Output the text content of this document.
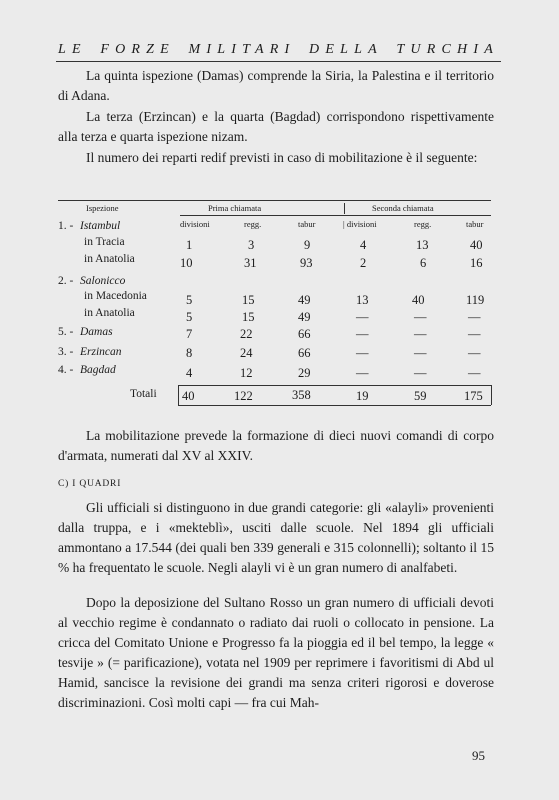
LE FORZE MILITARI DELLA TURCHIA

La quinta ispezione (Damas) comprende la Siria, la Palestina e il territorio di Adana.

La terza (Erzincan) e la quarta (Bagdad) corrispondono rispettivamente alla terza e quarta ispezione nizam.

Il numero dei reparti redif previsti in caso di mobilitazione è il seguente:

Ispezione	Prima chiamata	Seconda chiamata
divisioni	regg.	tabur	| divisioni	regg.	tabur
1. - Istambul
in Tracia	1	3	9	4	13	40
in Anatolia	10	31	93	2	6	16
2. - Salonicco
in Macedonia	5	15	49	13	40	119
in Anatolia	5	15	49	—	—	—
5. - Damas	7	22	66	—	—	—
3. - Erzincan	8	24	66	—	—	—
4. - Bagdad	4	12	29	—	—	—
Totali 40	122	358	19	59	175

La mobilitazione prevede la formazione di dieci nuovi comandi di corpo d'armata, numerati dal XV al XXIV.

C) I QUADRI

Gli ufficiali si distinguono in due grandi categorie: gli «alayli» provenienti dalla truppa, e i «mekteblì», usciti dalle scuole. Nel 1894 gli ufficiali ammontano a 17.544 (dei quali ben 339 generali e 315 colonnelli); soltanto il 15 % ha frequentato le scuole. Negli alayli vi è un gran numero di analfabeti.

Dopo la deposizione del Sultano Rosso un gran numero di ufficiali devoti al vecchio regime è condannato o radiato dai ruoli o collocato in pensione. La cricca del Comitato Unione e Progresso fa la pioggia ed il bel tempo, la legge « tesvije » (= parificazione), votata nel 1909 per reprimere i favoritismi di Abd ul Hamid, sancisce la revisione dei grandi ma senza criteri rigorosi e doverose discriminazioni. Così molti capi — fra cui Mah-

95
